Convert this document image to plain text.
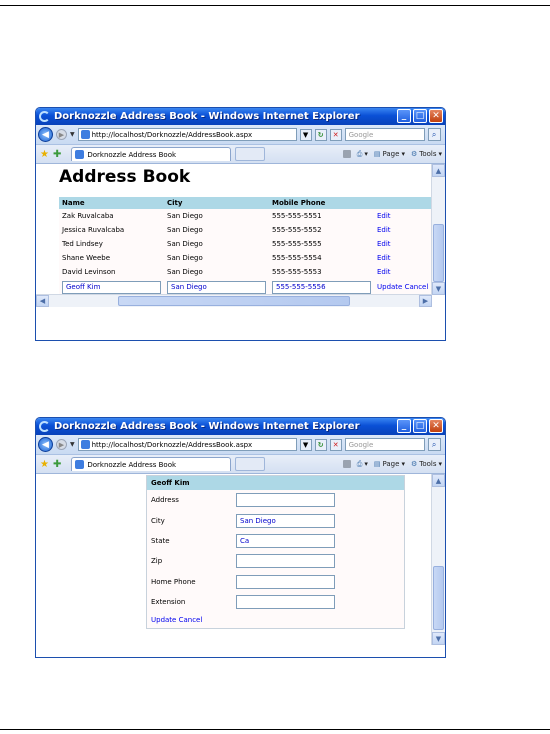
Dorknozzle Address Book - Windows Internet Explorer	_	□ ✕
◀	▶ ▼ http://localhost/Dorknozzle/AddressBook.aspx	▼	↻	✕	Google	⌕
★ ✚	Dorknozzle Address Book	⎙ ▾ ▤ Page ▾ ⚙ Tools ▾
Address Book
Name	City	Mobile Phone	
Zak Ruvalcaba	San Diego	555-555-5551	Edit
Jessica Ruvalcaba	San Diego	555-555-5552	Edit
Ted Lindsey	San Diego	555-555-5555	Edit
Shane Weebe	San Diego	555-555-5554	Edit
David Levinson	San Diego	555-555-5553	Edit

Geoff Kim	San Diego	555-555-5556	Update Cancel
▲
▼
◀	▶
Dorknozzle Address Book - Windows Internet Explorer	_	□ ✕
◀	▶ ▼ http://localhost/Dorknozzle/AddressBook.aspx	▼	↻	✕	Google	⌕
★ ✚	Dorknozzle Address Book	⎙ ▾ ▤ Page ▾ ⚙ Tools ▾
Geoff Kim
Address
City	San Diego
State	Ca
Zip
Home Phone
Extension
Update Cancel
▲
▼
